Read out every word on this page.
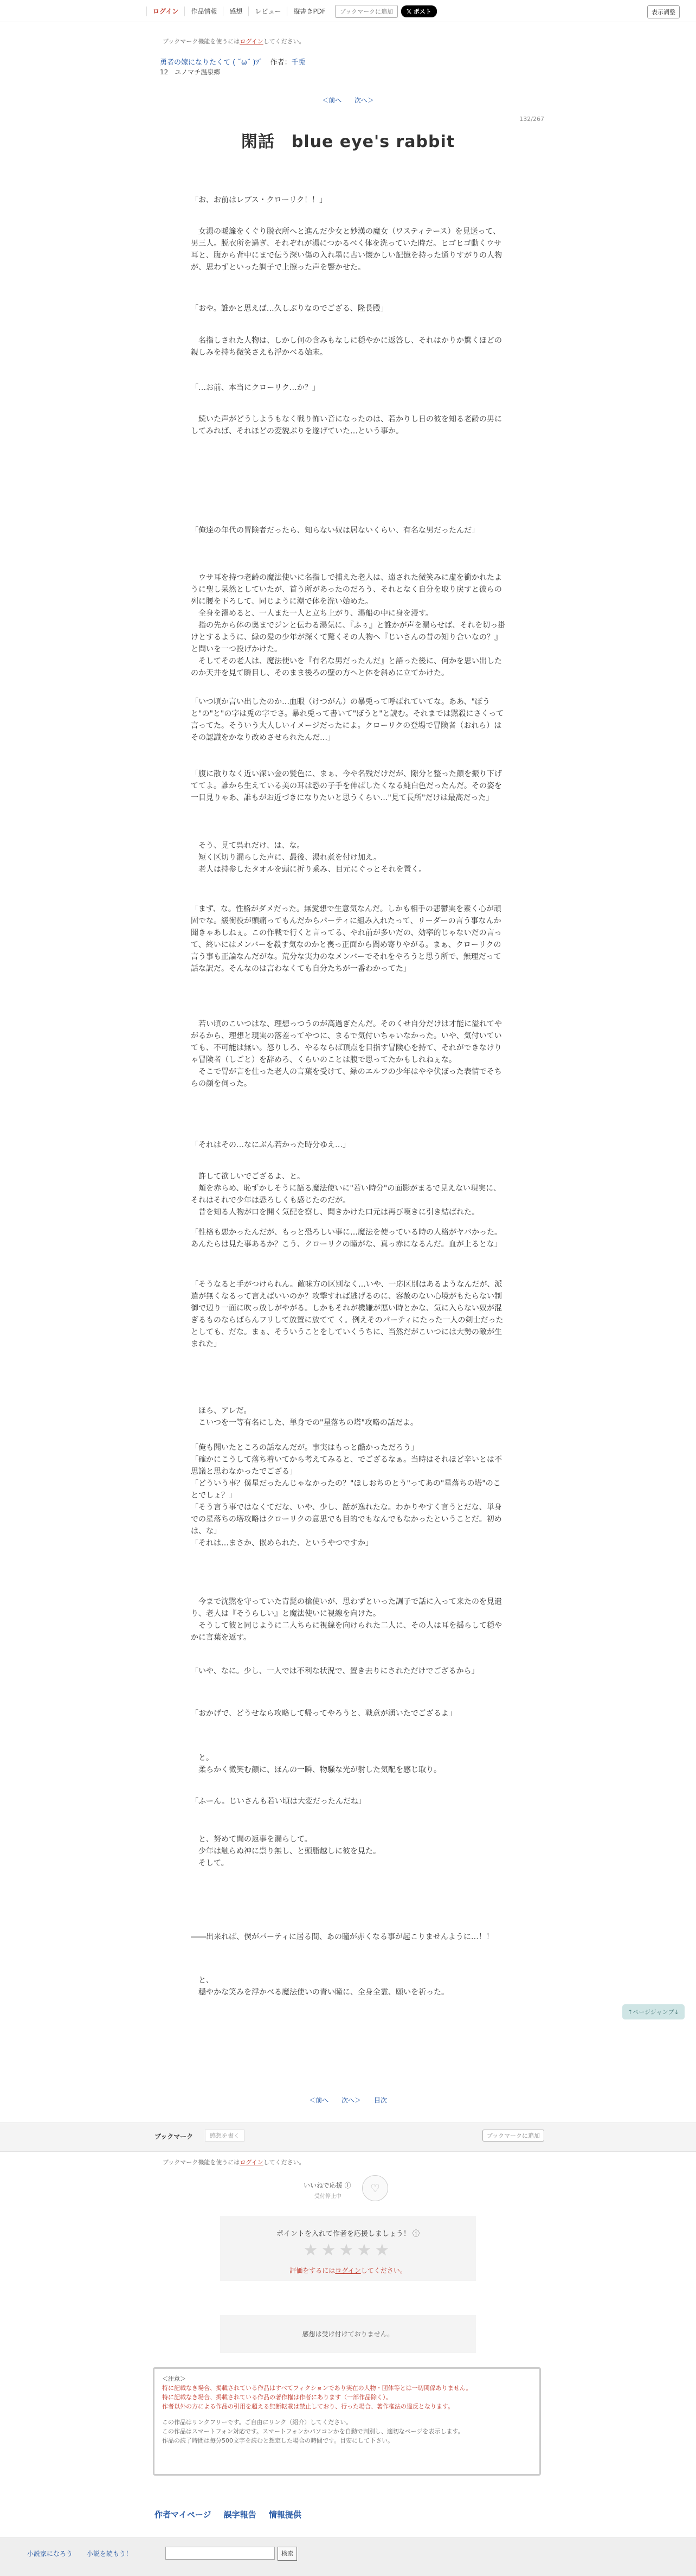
ログイン	作品情報	感想	レビュー	縦書きPDF	ブックマークに追加	𝕏 ポスト	表示調整
ブックマーク機能を使うにはログインしてください。
勇者の嫁になりたくて ( ˘ω˘ )ﾂﾞ 作者：千兎
12　ユノマチ温泉郷
＜前へ 次へ＞
132/267
閑話　blue eye's rabbit
「お、お前はレプス・クローリク！！」
　女湯の暖簾をくぐり脱衣所へと進んだ少女と妙漢の魔女（ワスティテース）を見送って、男三人。脱衣所を過ぎ、それぞれが湯につかるべく体を洗っていた時だ。ヒゴヒゴ動くウサ耳と、腹から背中にまで伝う深い傷の入れ墨に古い懐かしい記憶を持った通りすがりの人物が、思わずといった調子で上擦った声を響かせた。
「おや。誰かと思えば…久しぶりなのでござる、隆長殿」
　名指しされた人物は、しかし何の含みもなしに穏やかに返答し、それはかりか驚くほどの親しみを持ち微笑さえも浮かべる始末。
「…お前、本当にクローリク…か？」
　続いた声がどうしようもなく戦り怖い音になったのは、若かりし日の彼を知る老齢の男にしてみれば、それほどの変貌ぶりを遂げていた…という事か。
「俺達の年代の冒険者だったら、知らない奴は居ないくらい、有名な男だったんだ」
　ウサ耳を持つ老齢の魔法使いに名指しで捕えた老人は、遠された微笑みに虚を衝かれたように聖し呆然としていたが、首う所があったのだろう、それとなく自分を取り戻すと彼らの列に腰を下ろして、同じように潮で体を洗い始めた。
　全身を濯めると、一人また一人と立ち上がり、湯船の中に身を浸す。
　指の先から体の奥までジンと伝わる湯気に、『ふぅ』と誰かが声を漏らせば、それを切っ掛けとするように、緑の髪の少年が深くて驚くその人物へ『じいさんの昔の知り合いなの？』と問いを一つ投げかけた。
　そしてその老人は、魔法使いを『有名な男だったんだ』と語った後に、何かを思い出したのか天井を見て瞬目し、そのまま後ろの壁の方へと体を斜めに立てかけた。
「いつ頃か言い出したのか…血眼（けつがん）の暴兎って呼ばれていてな。ああ、"ぼうと"の"と"の字は兎の字でさ。暴れ兎って書いて"ぼうと"と読む。それまでは黙殺にさくって言ってた。そういう大人しいイメージだったによ。クローリクの登場で冒険者（おれら）はその認識をかなり改めさせられたんだ…」
「腹に散りなく近い深い金の髪色に、まぁ、今や名残だけだが、隙分と整った顔を振り下げててよ。誰から生えている美の耳は恐の子手を伸ばしたくなる純白色だったんだ。その姿を一目見りゃあ、誰もがお近づきになりたいと思うくらい…"見て長所"だけは最高だった」
　そう、見て呉れだけ、は、な。
　短く区切り漏らした声に、最後、湯れ煮を付け加え。
　老人は持参したタオルを頭に折り乗み、目元にぐっとそれを置く。
「まず、な。性格がダメだった。無愛想で生意気なんだ。しかも相手の悲鬱実を素く心が頑固でな。緩衝役が頭痛ってもんだからパーティに組み入れたって、リーダーの言う事なんか聞きゃあしねぇ。この作戦で行くと言ってる、やれ前が多いだの、効率的じゃないだの言って、終いにはメンバーを殺す気なのかと喪っ正面から聞め寄りやがる。まぁ、クローリクの言う事も正論なんだがな。荒分な実力のなメンバーでそれをやろうと思う所で、無理だって話な訳だ。そんなのは言わなくても自分たちが一番わかってた」
　若い頃のこいつはな、理想っつうのが高過ぎたんだ。そのくせ自分だけは才能に溢れてやがるから、理想と現実の落差ってやつに、まるで気付いちゃいなかった。いや、気付いていても、不可能は無い。怒りしろ、やるならば頂点を目指す冒険心を持て、それができなけりゃ冒険者（しごと）を辞めろ、くらいのことは腹で思ってたかもしれねぇな。
　そこで胃が言を仕った老人の言葉を受けて、緑のエルフの少年はやや伏ぼった表情でそちらの顔を伺った。
「それはその…なにぶん若かった時分ゆえ…」
　許して欲しいでござるよ、と。
　頬を赤らめ、恥ずかしそうに語る魔法使いに"若い時分"の面影がまるで見えない現実に、それはそれで少年は恐ろしくも感じたのだが。
　昔を知る人物が口を開く気配を察し、聞きかけた口元は再び嘆きに引き結ばれた。
「性格も悪かったんだが、もっと恐ろしい事に…魔法を使っている時の人格がヤバかった。あんたらは見た事あるか？こう、クローリクの瞳がな、真っ赤になるんだ。血が上るとな」
「そうなると手がつけられん。敵味方の区別なく…いや、一応区別はあるようなんだが、派遣が無くなるって言えばいいのか？攻撃すれば逃げるのに、容赦のない心境がもたらない制御で辺り一面に吹っ放しがやがる。しかもそれが機嫌が悪い時とかな、気に入らない奴が混ぎるものならばらんフリして放置に放てて く。例えそのパーティにたった一人の剣士だったとしても、だな。まぁ、そういうことをしていくうちに、当然だがこいつには大勢の敵が生まれた」
　ほら、アレだ。
　こいつを一等有名にした、単身での"星落ちの塔"攻略の話だよ。
「俺も聞いたところの話なんだが。事実はもっと酷かっただろう」
「確かにこうして落ち着いてから考えてみると、でござるなぁ。当時はそれほど辛いとは不思議と思わなかったでござる」
「どういう事？僕星だったんじゃなかったの？"ほしおちのとう"ってあの"星落ちの塔"のことでしょ？」
「そう言う事ではなくてだな、いや、少し、話が逸れたな。わかりやすく言うとだな、単身での星落ちの塔攻略はクローリクの意思でも目的でもなんでもなかったということだ。初めは、な」
「それは…まさか、嵌められた、というやつですか」
　今まで沈黙を守っていた青髭の槍使いが、思わずといった調子で話に入って来たのを見遣り、老人は『そうらしい』と魔法使いに視線を向けた。
　そうして彼と同じように二人ちらに視線を向けられた二人に、その人は耳を揺らして穏やかに言葉を返す。
「いや、なに。少し、一人では不利な状況で、置き去りにされただけでござるから」
「おかげで、どうせなら攻略して帰ってやろうと、戦意が湧いたでござるよ」
　と。
　柔らかく微笑む顔に、ほんの一瞬、物騒な光が射した気配を感じ取り。
「ふーん。じいさんも若い頃は大変だったんだね」
　と、努めて間の返事を漏らして。
　少年は触らぬ神に祟り無し、と頭脂越しに彼を見た。
　そして。
――出来れば、僕がパーティに居る間、あの瞳が赤くなる事が起こりませんように…！！
　と、
　穏やかな笑みを浮かべる魔法使いの青い瞳に、全身全霊、願いを祈った。
↑ページジャンプ↓
＜前へ 次へ＞ 目次
ブックマーク	感想を書く	ブックマークに追加
ブックマーク機能を使うにはログインしてください。
いいねで応援 ⓘ
受付停止中
♡
ポイントを入れて作者を応援しましょう！ ⓘ
★★★★★
評価をするにはログインしてください。
感想は受け付けておりません。
＜注意＞
特に記載なき場合、掲載されている作品はすべてフィクションであり実在の人物・団体等とは一切関係ありません。
特に記載なき場合、掲載されている作品の著作権は作者にあります（一部作品除く）。
作者以外の方による作品の引用を超える無断転載は禁止しており、行った場合、著作権法の違反となります。
この作品はリンクフリーです。ご自由にリンク（紹介）してください。
この作品はスマートフォン対応です。スマートフォンかパソコンかを自動で判別し、適切なページを表示します。
作品の読了時間は毎分500文字を読むと想定した場合の時間です。目安にして下さい。
作者マイページ 誤字報告 情報提供
小説家になろう 小説を読もう！	検索
